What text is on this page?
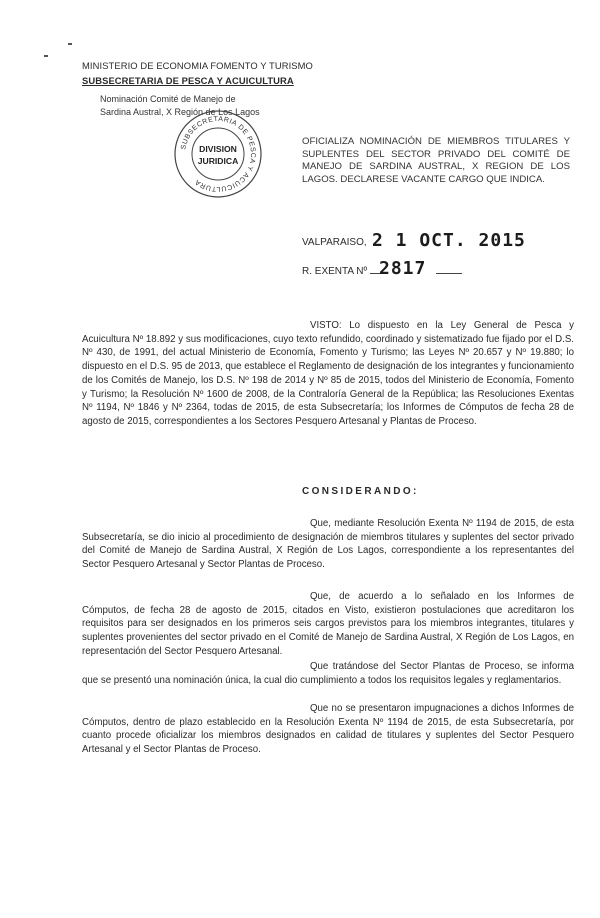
MINISTERIO DE ECONOMIA FOMENTO Y TURISMO
SUBSECRETARIA DE PESCA Y ACUICULTURA
Nominación Comité de Manejo de
Sardina Austral, X Región de Los Lagos
SUBSECRETARIA DE PESCA Y ACUICULTURA
DIVISION
JURIDICA
OFICIALIZA NOMINACIÓN DE MIEMBROS TITULARES Y SUPLENTES DEL SECTOR PRIVADO DEL COMITÉ DE MANEJO DE SARDINA AUSTRAL, X REGION DE LOS LAGOS. DECLARESE VACANTE CARGO QUE INDICA.
VALPARAISO, 2 1 OCT. 2015
R. EXENTA Nº 2817

VISTO: Lo dispuesto en la Ley General de Pesca y Acuicultura Nº 18.892 y sus modificaciones, cuyo texto refundido, coordinado y sistematizado fue fijado por el D.S. Nº 430, de 1991, del actual Ministerio de Economía, Fomento y Turismo; las Leyes Nº 20.657 y Nº 19.880; lo dispuesto en el D.S. 95 de 2013, que establece el Reglamento de designación de los integrantes y funcionamiento de los Comités de Manejo, los D.S. Nº 198 de 2014 y Nº 85 de 2015, todos del Ministerio de Economía, Fomento y Turismo; la Resolución Nº 1600 de 2008, de la Contraloría General de la República; las Resoluciones Exentas Nº 1194, Nº 1846 y Nº 2364, todas de 2015, de esta Subsecretaría; los Informes de Cómputos de fecha 28 de agosto de 2015, correspondientes a los Sectores Pesquero Artesanal y Plantas de Proceso.

CONSIDERANDO:

Que, mediante Resolución Exenta Nº 1194 de 2015, de esta Subsecretaría, se dio inicio al procedimiento de designación de miembros titulares y suplentes del sector privado del Comité de Manejo de Sardina Austral, X Región de Los Lagos, correspondiente a los representantes del Sector Pesquero Artesanal y Sector Plantas de Proceso.

Que, de acuerdo a lo señalado en los Informes de Cómputos, de fecha 28 de agosto de 2015, citados en Visto, existieron postulaciones que acreditaron los requisitos para ser designados en los primeros seis cargos previstos para los miembros integrantes, titulares y suplentes provenientes del sector privado en el Comité de Manejo de Sardina Austral, X Región de Los Lagos, en representación del Sector Pesquero Artesanal.

Que tratándose del Sector Plantas de Proceso, se informa que se presentó una nominación única, la cual dio cumplimiento a todos los requisitos legales y reglamentarios.

Que no se presentaron impugnaciones a dichos Informes de Cómputos, dentro de plazo establecido en la Resolución Exenta Nº 1194 de 2015, de esta Subsecretaría, por cuanto procede oficializar los miembros designados en calidad de titulares y suplentes del Sector Pesquero Artesanal y el Sector Plantas de Proceso.
